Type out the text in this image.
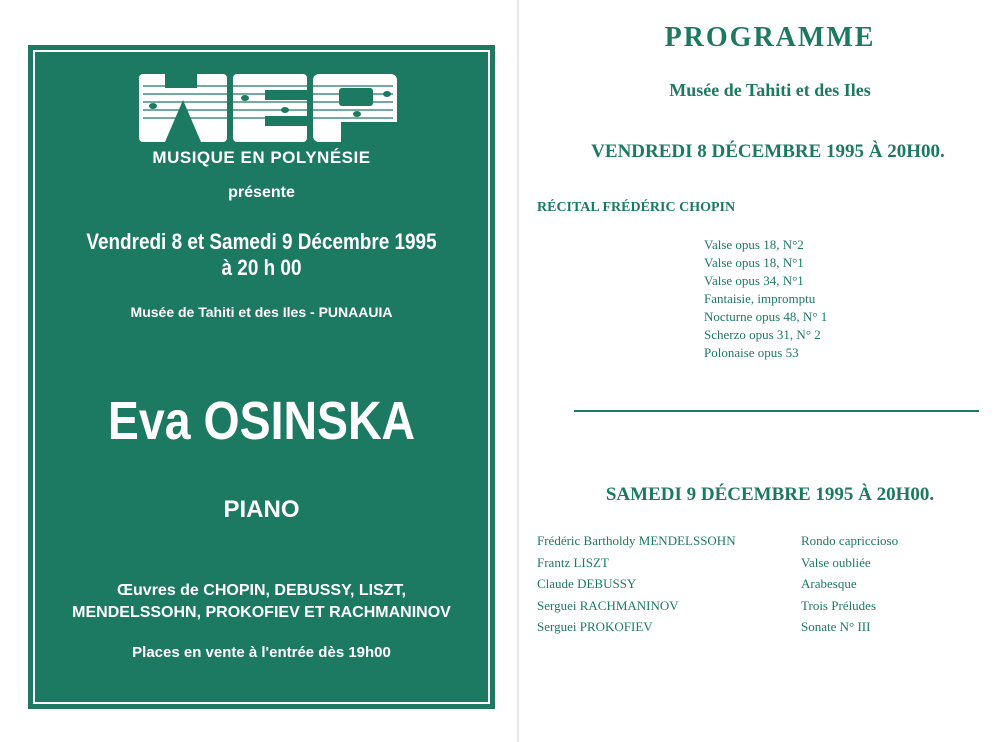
MUSIQUE EN POLYNÉSIE
présente
Vendredi 8 et Samedi 9 Décembre 1995
à 20 h 00
Musée de Tahiti et des Iles - PUNAAUIA
Eva OSINSKA
PIANO
Œuvres de CHOPIN, DEBUSSY, LISZT,
MENDELSSOHN, PROKOFIEV ET RACHMANINOV
Places en vente à l'entrée dès 19h00
PROGRAMME
Musée de Tahiti et des Iles
VENDREDI 8 DÉCEMBRE 1995 À 20H00.
RÉCITAL FRÉDÉRIC CHOPIN
Valse opus 18, N°2
Valse opus 18, N°1
Valse opus 34, N°1
Fantaisie, impromptu
Nocturne opus 48, N° 1
Scherzo opus 31, N° 2
Polonaise opus 53
SAMEDI 9 DÉCEMBRE 1995 À 20H00.
Frédéric Bartholdy MENDELSSOHN
Frantz LISZT
Claude DEBUSSY
Serguei RACHMANINOV
Serguei PROKOFIEV
Rondo capriccioso
Valse oubliée
Arabesque
Trois Préludes
Sonate N° III
